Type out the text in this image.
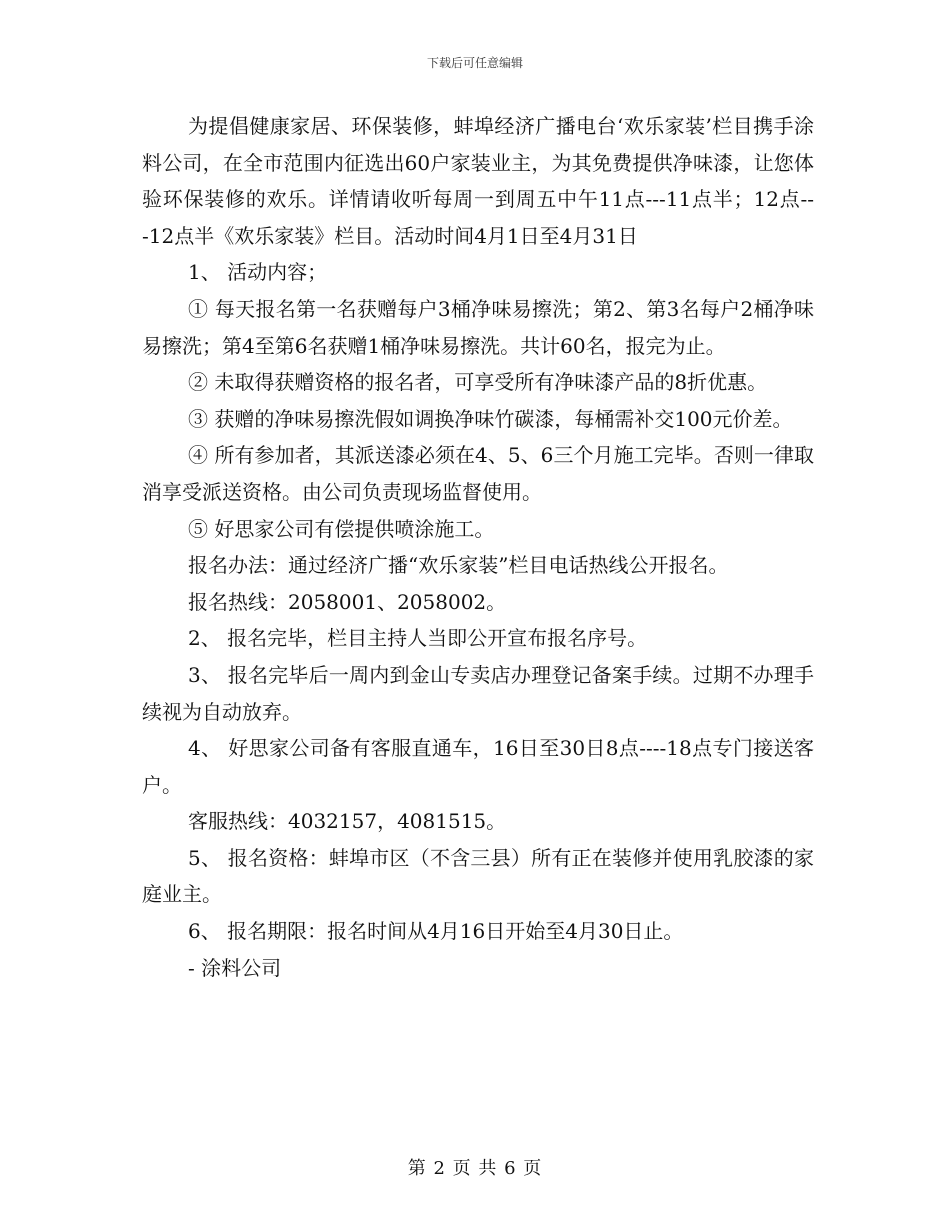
下载后可任意编辑

为提倡健康家居、环保装修，蚌埠经济广播电台‘欢乐家装’栏目携手涂料公司，在全市范围内征选出60户家装业主，为其免费提供净味漆，让您体验环保装修的欢乐。详情请收听每周一到周五中午11点---11点半；12点---12点半《欢乐家装》栏目。活动时间4月1日至4月31日

1、 活动内容；

① 每天报名第一名获赠每户3桶净味易擦洗；第2、第3名每户2桶净味易擦洗；第4至第6名获赠1桶净味易擦洗。共计60名，报完为止。

② 未取得获赠资格的报名者，可享受所有净味漆产品的8折优惠。

③ 获赠的净味易擦洗假如调换净味竹碳漆，每桶需补交100元价差。

④ 所有参加者，其派送漆必须在4、5、6三个月施工完毕。否则一律取消享受派送资格。由公司负责现场监督使用。

⑤ 好思家公司有偿提供喷涂施工。

报名办法：通过经济广播“欢乐家装”栏目电话热线公开报名。

报名热线：2058001、2058002。

2、 报名完毕，栏目主持人当即公开宣布报名序号。

3、 报名完毕后一周内到金山专卖店办理登记备案手续。过期不办理手续视为自动放弃。

4、 好思家公司备有客服直通车，16日至30日8点----18点专门接送客户。

客服热线：4032157，4081515。

5、 报名资格：蚌埠市区（不含三县）所有正在装修并使用乳胶漆的家庭业主。

6、 报名期限：报名时间从4月16日开始至4月30日止。

- 涂料公司

第 2 页 共 6 页
